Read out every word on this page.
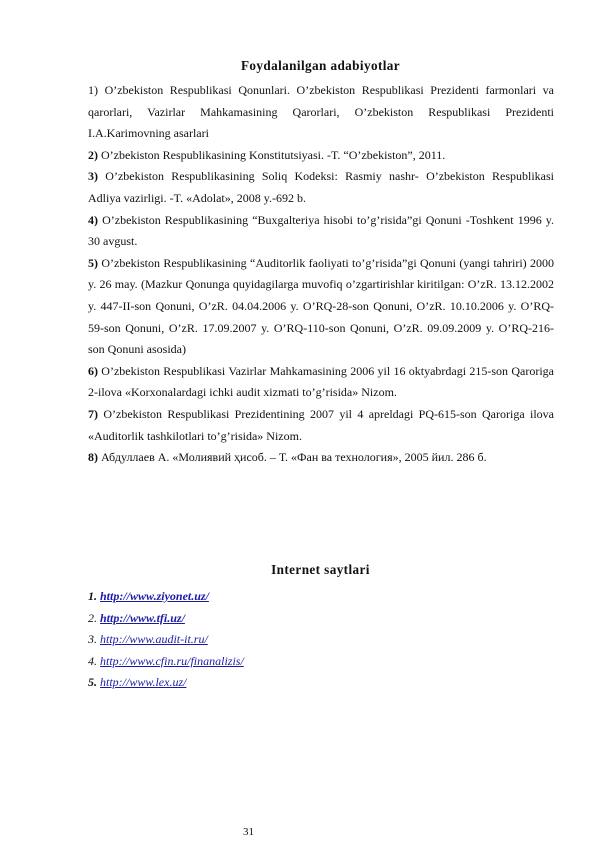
Foydalanilgan adabiyotlar

1) O’zbekiston Respublikasi Qonunlari. O’zbekiston Respublikasi Prezidenti farmonlari va qarorlari, Vazirlar Mahkamasining Qarorlari, O’zbekiston Respublikasi Prezidenti I.A.Karimovning asarlari

2) O’zbekiston Respublikasining Konstitutsiyasi. -T. “O’zbekiston”, 2011.

3) O’zbekiston Respublikasining Soliq Kodeksi: Rasmiy nashr- O’zbekiston Respublikasi Adliya vazirligi. -T. «Adolat», 2008 y.-692 b.

4) O’zbekiston Respublikasining “Buxgalteriya hisobi to’g’risida”gi Qonuni -Toshkent 1996 y. 30 avgust.

5) O’zbekiston Respublikasining “Auditorlik faoliyati to’g’risida”gi Qonuni (yangi tahriri) 2000 y. 26 may. (Mazkur Qonunga quyidagilarga muvofiq o’zgartirishlar kiritilgan: O’zR. 13.12.2002 y. 447-II-son Qonuni, O’zR. 04.04.2006 y. O’RQ-28-son Qonuni, O’zR. 10.10.2006 y. O’RQ-59-son Qonuni, O’zR. 17.09.2007 y. O’RQ-110-son Qonuni, O’zR. 09.09.2009 y. O’RQ-216-son Qonuni asosida)

6) O’zbekiston Respublikasi Vazirlar Mahkamasining 2006 yil 16 oktyabrdagi 215-son Qaroriga 2-ilova «Korxonalardagi ichki audit xizmati to’g’risida» Nizom.

7) O’zbekiston Respublikasi Prezidentining 2007 yil 4 apreldagi PQ-615-son Qaroriga ilova «Auditorlik tashkilotlari to’g’risida» Nizom.

8) Абдуллаев А. «Молиявий ҳисоб. – Т. «Фан ва технология», 2005 йил. 286 б.

Internet saytlari

1. http://www.ziyonet.uz/

2. http://www.tfi.uz/

3. http://www.audit-it.ru/

4. http://www.cfin.ru/finanalizis/

5. http://www.lex.uz/

31
